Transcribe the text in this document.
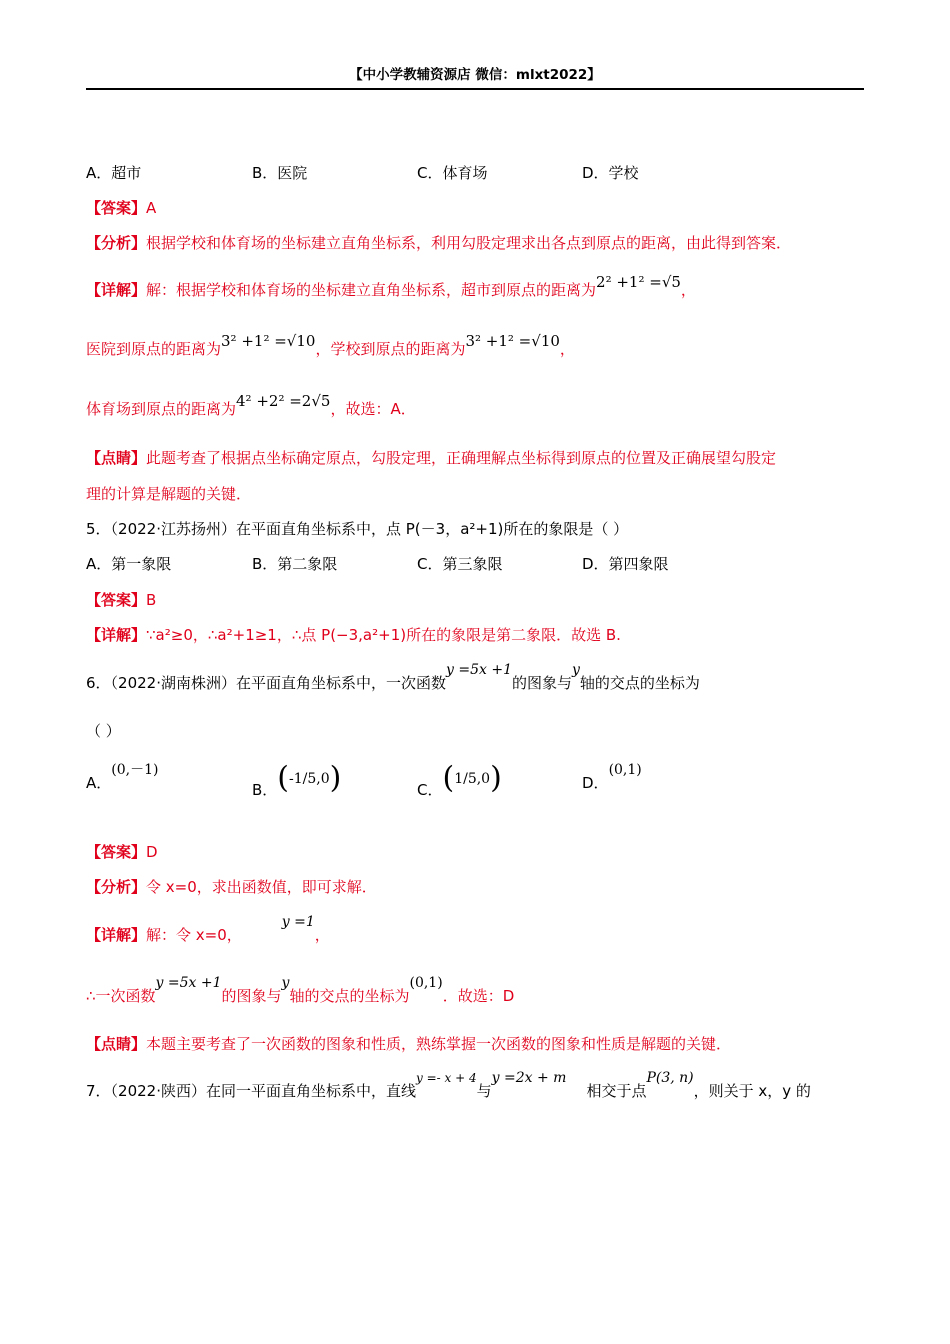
【中小学教辅资源店 微信：mlxt2022】
A．超市	B．医院	C．体育场	D．学校
【答案】A
【分析】根据学校和体育场的坐标建立直角坐标系，利用勾股定理求出各点到原点的距离，由此得到答案．
【详解】解：根据学校和体育场的坐标建立直角坐标系，超市到原点的距离为2² +1² =√5，
医院到原点的距离为3² +1² =√10，学校到原点的距离为3² +1² =√10，
体育场到原点的距离为4² +2² =2√5，故选：A．
【点睛】此题考查了根据点坐标确定原点，勾股定理，正确理解点坐标得到原点的位置及正确展望勾股定
理的计算是解题的关键．
5．（2022·江苏扬州）在平面直角坐标系中，点 P(－3，a²+1)所在的象限是（ ）
A．第一象限	B．第二象限	C．第三象限	D．第四象限
【答案】B
【详解】∵a²≥0，∴a²+1≥1，∴点 P(−3,a²+1)所在的象限是第二象限．故选 B.
6．（2022·湖南株洲）在平面直角坐标系中，一次函数y =5x +1的图象与y轴的交点的坐标为
（ ）
A．(0,－1)
B．(-1/5,0)	C．(1/5,0)	D．(0,1)
【答案】D
【分析】令 x=0，求出函数值，即可求解．
【详解】解：令 x=0，y =1，
∴一次函数y =5x +1的图象与y轴的交点的坐标为(0,1)．故选：D
【点睛】本题主要考查了一次函数的图象和性质，熟练掌握一次函数的图象和性质是解题的关键．
7．（2022·陕西）在同一平面直角坐标系中，直线$^{y =- x + 4}$与y =2x + m相交于点P(3, n)，则关于 x，y 的
